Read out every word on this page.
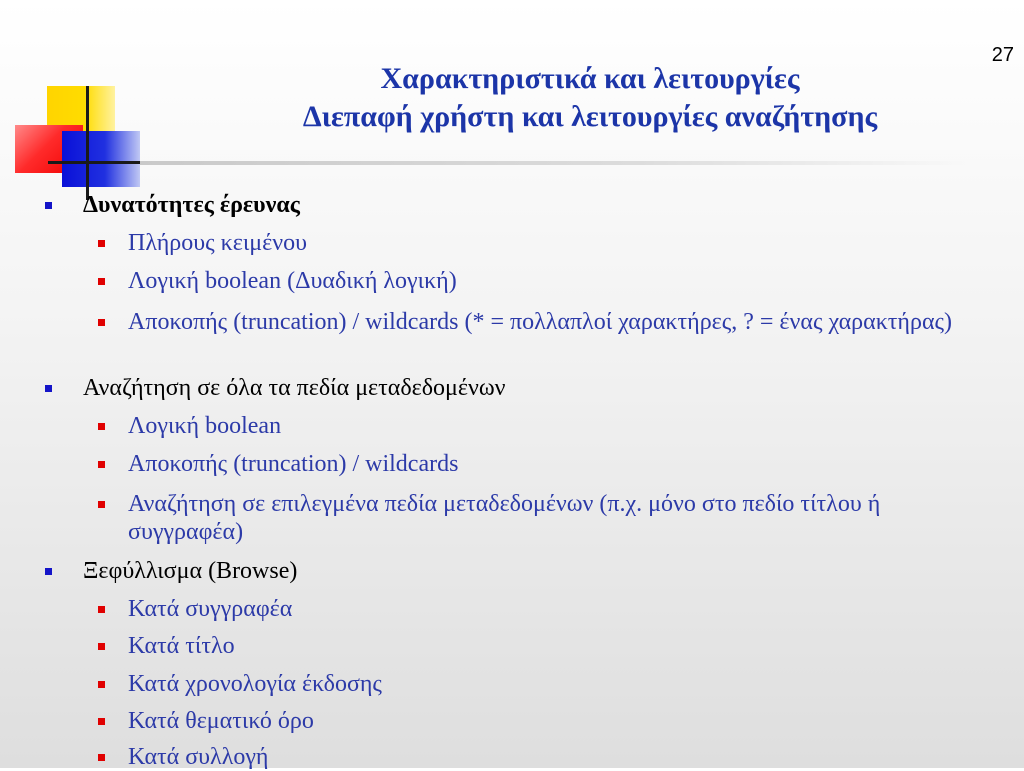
27
Χαρακτηριστικά και λειτουργίες
Διεπαφή χρήστη και λειτουργίες αναζήτησης
Δυνατότητες έρευνας
Πλήρους κειμένου
Λογική boolean (Δυαδική λογική)
Αποκοπής (truncation) / wildcards (* = πολλαπλοί χαρακτήρες, ? = ένας χαρακτήρας)
Αναζήτηση σε όλα τα πεδία μεταδεδομένων
Λογική boolean
Αποκοπής (truncation) / wildcards
Αναζήτηση σε επιλεγμένα πεδία μεταδεδομένων (π.χ. μόνο στο πεδίο τίτλου ή συγγραφέα)
Ξεφύλλισμα (Browse)
Κατά συγγραφέα
Κατά τίτλο
Κατά χρονολογία έκδοσης
Κατά θεματικό όρο
Κατά συλλογή
